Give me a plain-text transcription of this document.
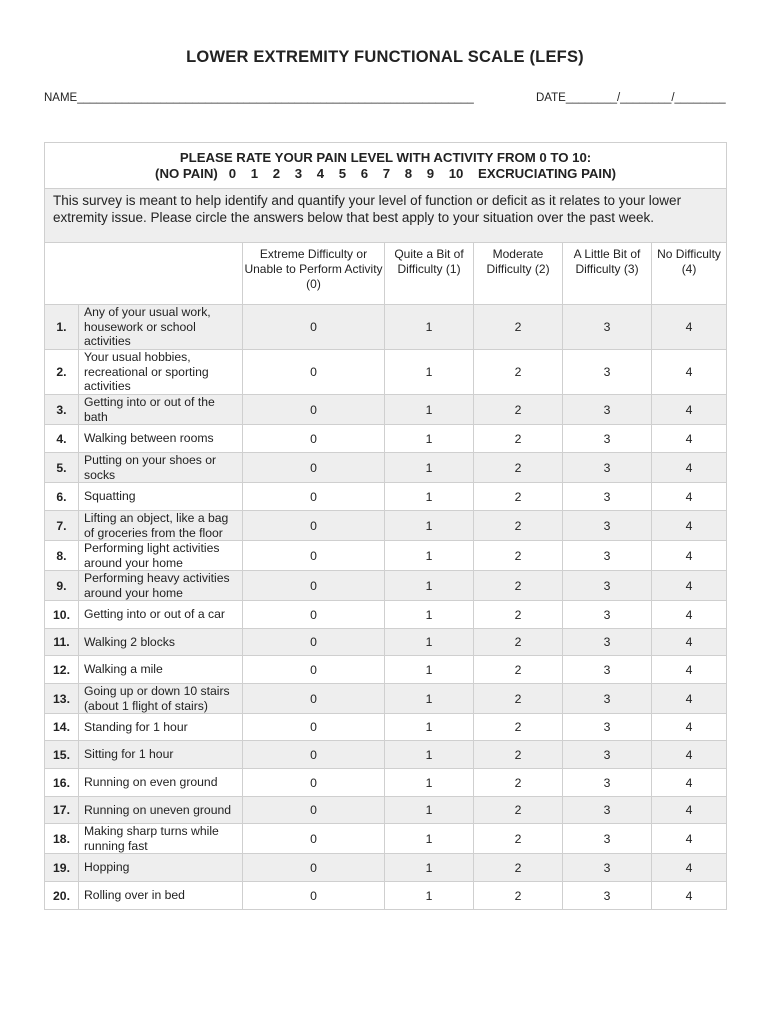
LOWER EXTREMITY FUNCTIONAL SCALE (LEFS)
NAME______________________________________________________________	DATE________/________/________
PLEASE RATE YOUR PAIN LEVEL WITH ACTIVITY FROM 0 TO 10:
(NO PAIN)   0    1    2    3    4    5    6    7    8    9    10    EXCRUCIATING PAIN)						

This survey is meant to help identify and quantify your level of function or deficit as it relates to your lower extremity issue. Please circle the answers below that best apply to your situation over the past week.						
		Extreme Difficulty or Unable to Perform Activity (0)	Quite a Bit of Difficulty (1)	Moderate Difficulty (2)	A Little Bit of Difficulty (3)	No Difficulty (4)
1.	Any of your usual work, housework or school activities	0	1	2	3	4
2.	Your usual hobbies, recreational or sporting activities	0	1	2	3	4
3.	Getting into or out of the bath	0	1	2	3	4
4.	Walking between rooms	0	1	2	3	4
5.	Putting on your shoes or socks	0	1	2	3	4
6.	Squatting	0	1	2	3	4
7.	Lifting an object, like a bag of groceries from the floor	0	1	2	3	4
8.	Performing light activities around your home	0	1	2	3	4
9.	Performing heavy activities around your home	0	1	2	3	4
10.	Getting into or out of a car	0	1	2	3	4
11.	Walking 2 blocks	0	1	2	3	4
12.	Walking a mile	0	1	2	3	4
13.	Going up or down 10 stairs (about 1 flight of stairs)	0	1	2	3	4
14.	Standing for 1 hour	0	1	2	3	4
15.	Sitting for 1 hour	0	1	2	3	4
16.	Running on even ground	0	1	2	3	4
17.	Running on uneven ground	0	1	2	3	4
18.	Making sharp turns while running fast	0	1	2	3	4
19.	Hopping	0	1	2	3	4
20.	Rolling over in bed	0	1	2	3	4
